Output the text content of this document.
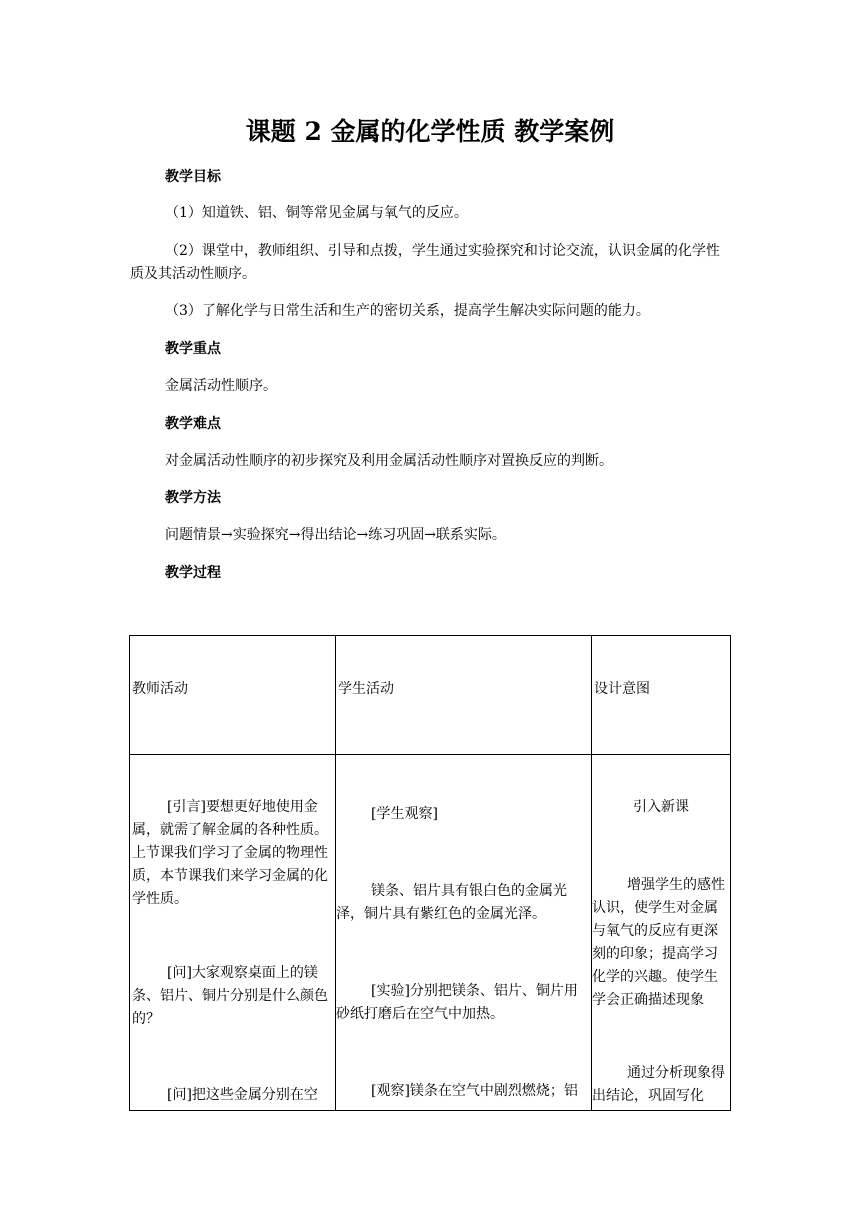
课题 2 金属的化学性质 教学案例
教学目标
（1）知道铁、铝、铜等常见金属与氧气的反应。
（2）课堂中，教师组织、引导和点拨，学生通过实验探究和讨论交流，认识金属的化学性质及其活动性顺序。
（3）了解化学与日常生活和生产的密切关系，提高学生解决实际问题的能力。
教学重点
金属活动性顺序。
教学难点
对金属活动性顺序的初步探究及利用金属活动性顺序对置换反应的判断。
教学方法
问题情景→实验探究→得出结论→练习巩固→联系实际。
教学过程
教师活动	学生活动	设计意图
[引言]要想更好地使用金属，就需了解金属的各种性质。上节课我们学习了金属的物理性质，本节课我们来学习金属的化学性质。
[问]大家观察桌面上的镁条、铝片、铜片分别是什么颜色的？
[问]把这些金属分别在空
[学生观察]
镁条、铝片具有银白色的金属光泽，铜片具有紫红色的金属光泽。
[实验]分别把镁条、铝片、铜片用砂纸打磨后在空气中加热。
[观察]镁条在空气中剧烈燃烧；铝
引入新课
增强学生的感性认识，使学生对金属与氧气的反应有更深刻的印象；提高学习化学的兴趣。使学生学会正确描述现象
通过分析现象得出结论，巩固写化
